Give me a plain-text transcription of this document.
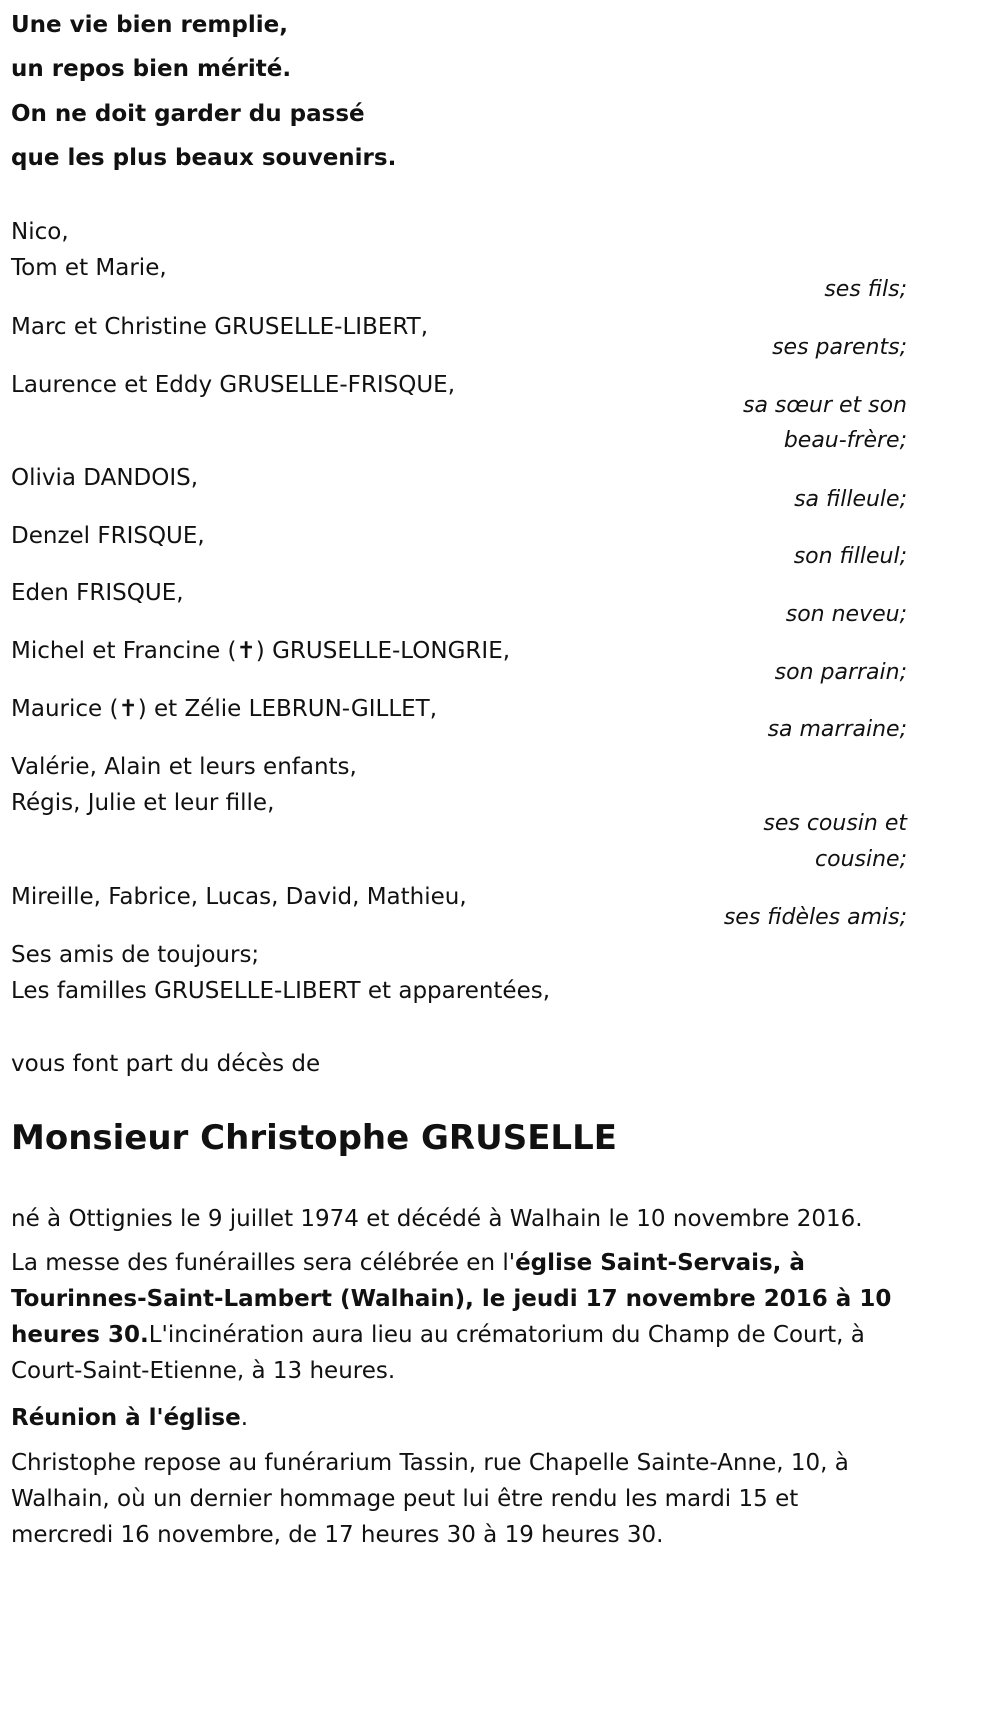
Une vie bien remplie,
un repos bien mérité.
On ne doit garder du passé
que les plus beaux souvenirs.
Nico,
Tom et Marie,
ses fils;
Marc et Christine GRUSELLE-LIBERT,
ses parents;
Laurence et Eddy GRUSELLE-FRISQUE,
sa sœur et son
beau-frère;
Olivia DANDOIS,
sa filleule;
Denzel FRISQUE,
son filleul;
Eden FRISQUE,
son neveu;
Michel et Francine (✝) GRUSELLE-LONGRIE,
son parrain;
Maurice (✝) et Zélie LEBRUN-GILLET,
sa marraine;
Valérie, Alain et leurs enfants,
Régis, Julie et leur fille,
ses cousin et
cousine;
Mireille, Fabrice, Lucas, David, Mathieu,
ses fidèles amis;
Ses amis de toujours;
Les familles GRUSELLE-LIBERT et apparentées,
vous font part du décès de
Monsieur Christophe GRUSELLE
né à Ottignies le 9 juillet 1974 et décédé à Walhain le 10 novembre 2016.
La messe des funérailles sera célébrée en l'église Saint-Servais, à Tourinnes-Saint-Lambert (Walhain), le jeudi 17 novembre 2016 à 10 heures 30.L'incinération aura lieu au crématorium du Champ de Court, à Court-Saint-Etienne, à 13 heures.
Réunion à l'église.
Christophe repose au funérarium Tassin, rue Chapelle Sainte-Anne, 10, à Walhain, où un dernier hommage peut lui être rendu les mardi 15 et mercredi 16 novembre, de 17 heures 30 à 19 heures 30.
